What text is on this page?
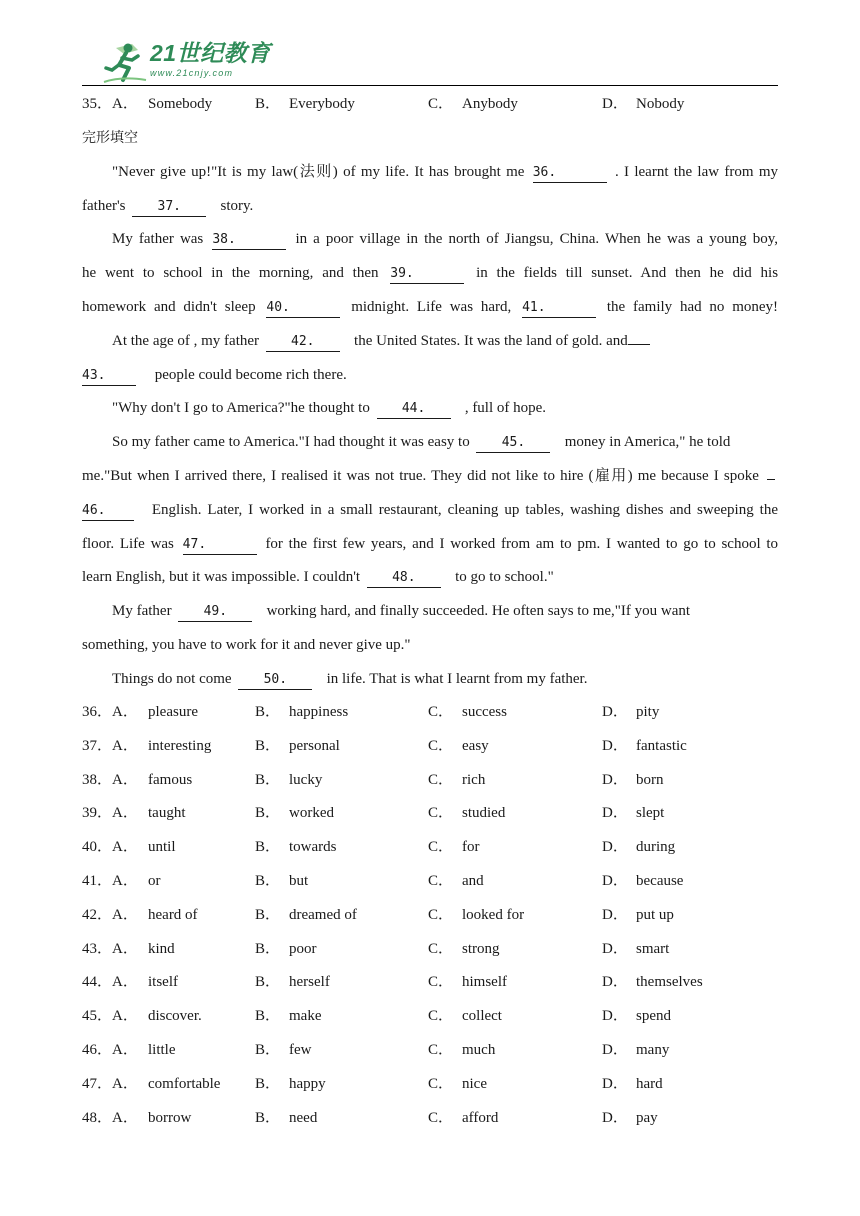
21世纪教育
www.21cnjy.com
35． A． Somebody	B． Everybody	C． Anybody	D． Nobody
完形填空
"Never give up!"It is my law(法则) of my life. It has brought me 36.	. I learnt the law from my
father's 37.	story.
My father was 38.	in a poor village in the north of Jiangsu, China. When he was a young boy,
he went to school in the morning, and then 39.	in the fields till sunset. And then he did his
homework and didn't sleep 40.	midnight. Life was hard, 41.	the family had no money!
At the age of , my father 42.	the United States. It was the land of gold. and
43.	people could become rich there.
"Why don't I go to America?"he thought to 44.	, full of hope.
So my father came to America."I had thought it was easy to 45.	money in America," he told
me."But when I arrived there, I realised it was not true. They did not like to hire (雇用) me because I spoke
46.	English. Later, I worked in a small restaurant, cleaning up tables, washing dishes and sweeping the
floor. Life was 47.	for the first few years, and I worked from am to pm. I wanted to go to school to
learn English, but it was impossible. I couldn't 48.	to go to school."
My father 49.	working hard, and finally succeeded. He often says to me,"If you want
something, you have to work for it and never give up."
Things do not come 50.	in life. That is what I learnt from my father.
36． A． pleasure	B． happiness	C． success	D． pity
37． A． interesting	B． personal	C． easy	D． fantastic
38． A． famous	B． lucky	C． rich	D． born
39． A． taught	B． worked	C． studied	D． slept
40． A． until	B． towards	C． for	D． during
41． A． or	B． but	C． and	D． because
42． A． heard of	B． dreamed of	C． looked for	D． put up
43． A． kind	B． poor	C． strong	D． smart
44． A． itself	B． herself	C． himself	D． themselves
45． A． discover.	B． make	C． collect	D． spend
46． A． little	B． few	C． much	D． many
47． A． comfortable B． happy	C． nice	D． hard
48． A． borrow	B． need	C． afford	D． pay
